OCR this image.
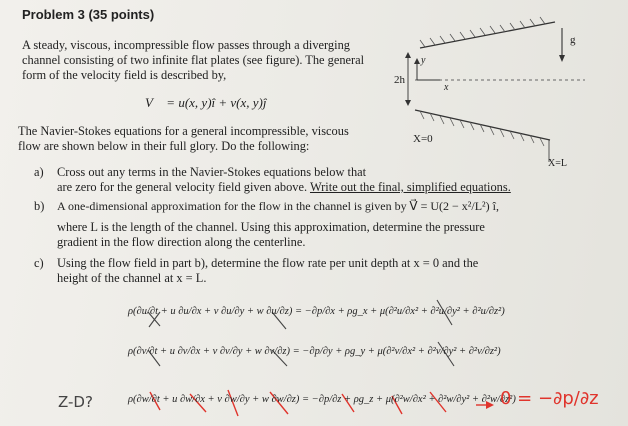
Problem 3 (35 points)
A steady, viscous, incompressible flow passes through a diverging
channel consisting of two infinite flat plates (see figure). The general
form of the velocity field is described by,
V⃗ = u(x, y)î + v(x, y)ĵ
The Navier-Stokes equations for a general incompressible, viscous
flow are shown below in their full glory. Do the following:
g
y
x
2h
X=0
X=L
a) Cross out any terms in the Navier-Stokes equations below that
are zero for the general velocity field given above. Write out the final, simplified equations.
b) A one-dimensional approximation for the flow in the channel is given by V⃗ = U(2 − x²/L²) î,
where L is the length of the channel. Using this approximation, determine the pressure
gradient in the flow direction along the centerline.
c) Using the flow field in part b), determine the flow rate per unit depth at x = 0 and the
height of the channel at x = L.
ρ(∂u/∂t + u ∂u/∂x + v ∂u/∂y + w ∂u/∂z) = −∂p/∂x + ρg_x + μ(∂²u/∂x² + ∂²u/∂y² + ∂²u/∂z²)
ρ(∂v/∂t + u ∂v/∂x + v ∂v/∂y + w ∂v/∂z) = −∂p/∂y + ρg_y + μ(∂²v/∂x² + ∂²v/∂y² + ∂²v/∂z²)
ρ(∂w/∂t + u ∂w/∂x + v ∂w/∂y + w ∂w/∂z) = −∂p/∂z + ρg_z + μ(∂²w/∂x² + ∂²w/∂y² + ∂²w/∂z²)
Z-D?	0 = −∂p/∂z
